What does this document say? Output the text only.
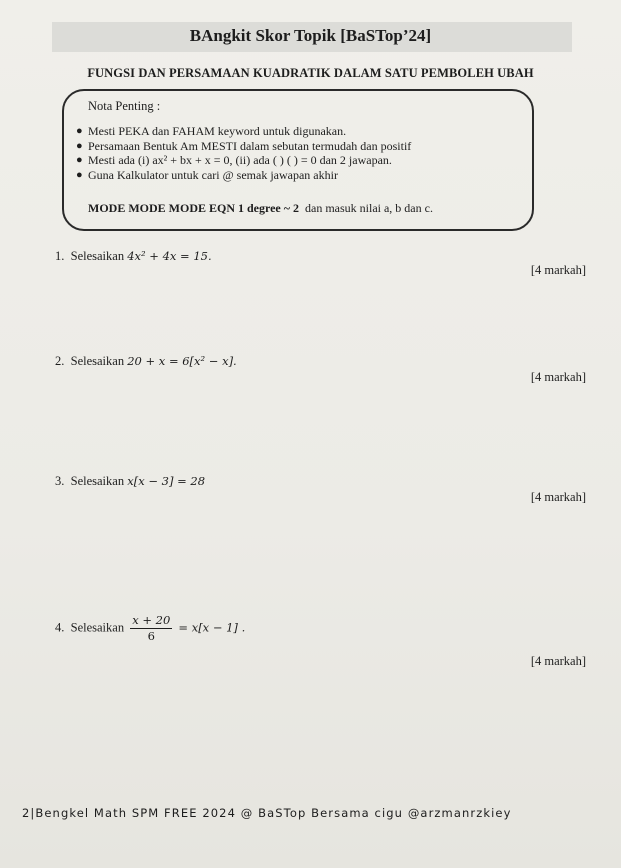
BAngkit Skor Topik [BaSTop’24]
FUNGSI DAN PERSAMAAN KUADRATIK DALAM SATU PEMBOLEH UBAH
Nota Penting :
● Mesti PEKA dan FAHAM keyword untuk digunakan.
● Persamaan Bentuk Am MESTI dalam sebutan termudah dan positif
● Mesti ada (i) ax² + bx + x = 0, (ii) ada ( ) ( ) = 0 dan 2 jawapan.
● Guna Kalkulator untuk cari @ semak jawapan akhir
MODE MODE MODE EQN 1 degree ~ 2 dan masuk nilai a, b dan c.
1. Selesaikan 4x² + 4x = 15.
[4 markah]
2. Selesaikan 20 + x = 6[x² − x].
[4 markah]
3. Selesaikan x[x − 3] = 28
[4 markah]
4. Selesaikan $\frac{x + 20}{6} = x[x - 1]$ .
[4 markah]
2|Bengkel Math SPM FREE 2024 @ BaSTop Bersama cigu @arzmanrzkiey
